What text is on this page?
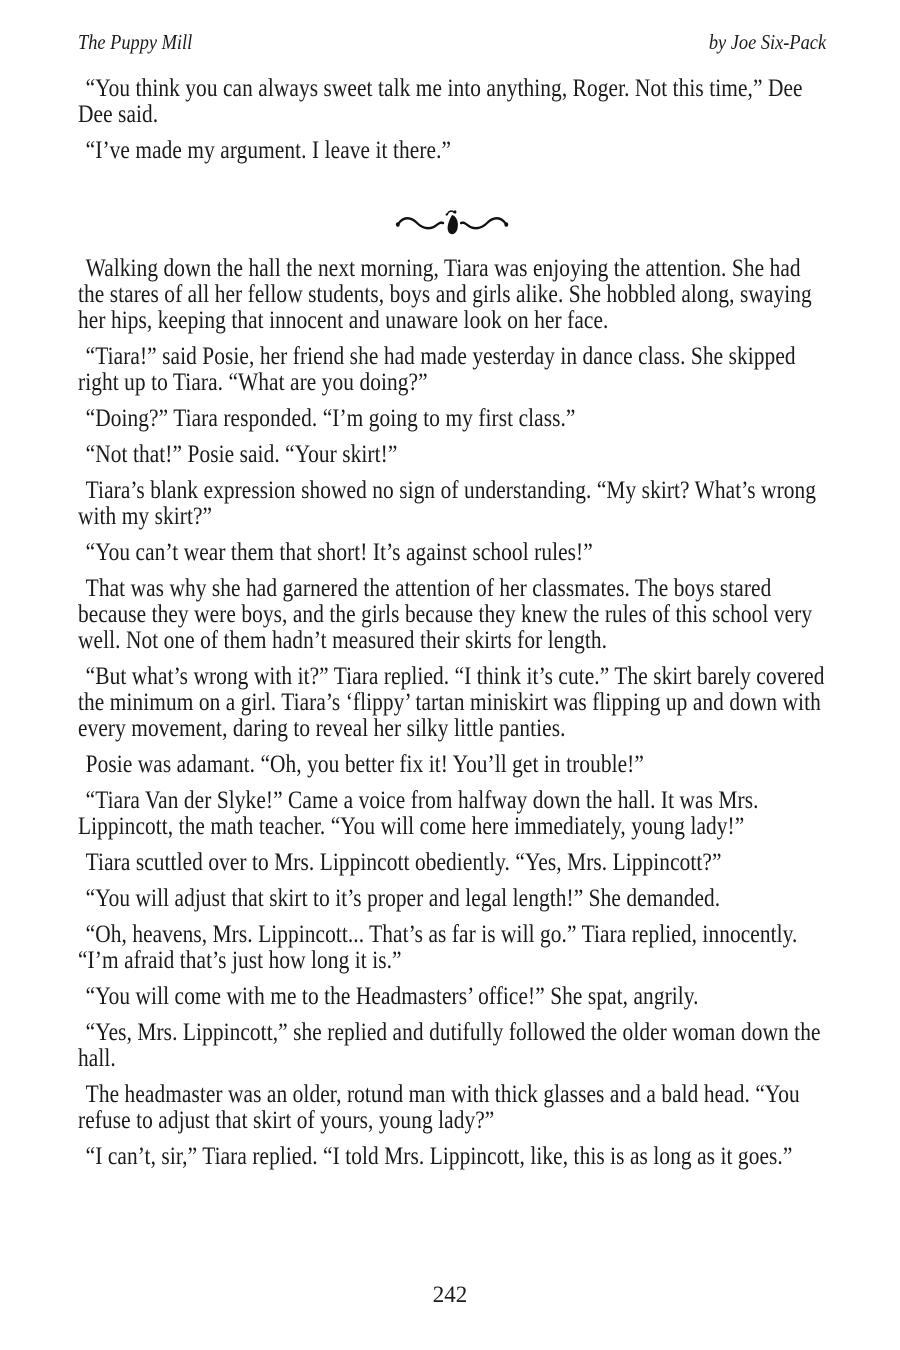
The Puppy Mill	by Joe Six-Pack

“You think you can always sweet talk me into anything, Roger. Not this time,” Dee Dee said.

“I’ve made my argument. I leave it there.”

Walking down the hall the next morning, Tiara was enjoying the attention. She had the stares of all her fellow students, boys and girls alike. She hobbled along, swaying her hips, keeping that innocent and unaware look on her face.

“Tiara!” said Posie, her friend she had made yesterday in dance class. She skipped right up to Tiara. “What are you doing?”

“Doing?” Tiara responded. “I’m going to my first class.”

“Not that!” Posie said. “Your skirt!”

Tiara’s blank expression showed no sign of understanding. “My skirt? What’s wrong with my skirt?”

“You can’t wear them that short! It’s against school rules!”

That was why she had garnered the attention of her classmates. The boys stared because they were boys, and the girls because they knew the rules of this school very well. Not one of them hadn’t measured their skirts for length.

“But what’s wrong with it?” Tiara replied. “I think it’s cute.” The skirt barely covered the minimum on a girl. Tiara’s ‘flippy’ tartan miniskirt was flipping up and down with every movement, daring to reveal her silky little panties.

Posie was adamant. “Oh, you better fix it! You’ll get in trouble!”

“Tiara Van der Slyke!” Came a voice from halfway down the hall. It was Mrs. Lippincott, the math teacher. “You will come here immediately, young lady!”

Tiara scuttled over to Mrs. Lippincott obediently. “Yes, Mrs. Lippincott?”

“You will adjust that skirt to it’s proper and legal length!” She demanded.

“Oh, heavens, Mrs. Lippincott... That’s as far is will go.” Tiara replied, innocently. “I’m afraid that’s just how long it is.”

“You will come with me to the Headmasters’ office!” She spat, angrily.

“Yes, Mrs. Lippincott,” she replied and dutifully followed the older woman down the hall.

The headmaster was an older, rotund man with thick glasses and a bald head. “You refuse to adjust that skirt of yours, young lady?”

“I can’t, sir,” Tiara replied. “I told Mrs. Lippincott, like, this is as long as it goes.”

242
